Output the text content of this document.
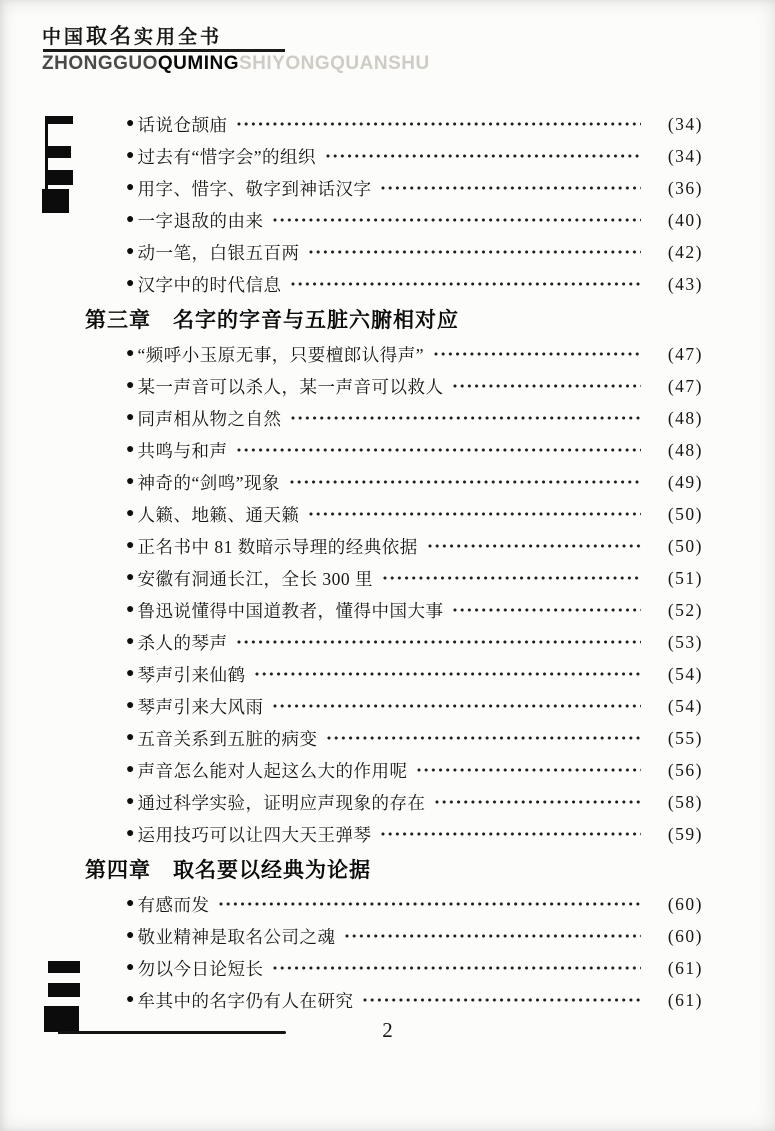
中国取名实用全书
ZHONGGUOQUMINGSHIYONGQUANSHU
● 话说仓颉庙	(34)
● 过去有“惜字会”的组织	(34)
● 用字、惜字、敬字到神话汉字	(36)
● 一字退敌的由来	(40)
● 动一笔，白银五百两	(42)
● 汉字中的时代信息	(43)
第三章　名字的字音与五脏六腑相对应
● “频呼小玉原无事，只要檀郎认得声”	(47)
● 某一声音可以杀人，某一声音可以救人	(47)
● 同声相从物之自然	(48)
● 共鸣与和声	(48)
● 神奇的“剑鸣”现象	(49)
● 人籁、地籁、通天籁	(50)
● 正名书中 81 数暗示导理的经典依据	(50)
● 安徽有洞通长江，全长 300 里	(51)
● 鲁迅说懂得中国道教者，懂得中国大事	(52)
● 杀人的琴声	(53)
● 琴声引来仙鹤	(54)
● 琴声引来大风雨	(54)
● 五音关系到五脏的病变	(55)
● 声音怎么能对人起这么大的作用呢	(56)
● 通过科学实验，证明应声现象的存在	(58)
● 运用技巧可以让四大天王弹琴	(59)
第四章　取名要以经典为论据
● 有感而发	(60)
● 敬业精神是取名公司之魂	(60)
● 勿以今日论短长	(61)
● 牟其中的名字仍有人在研究	(61)
2
